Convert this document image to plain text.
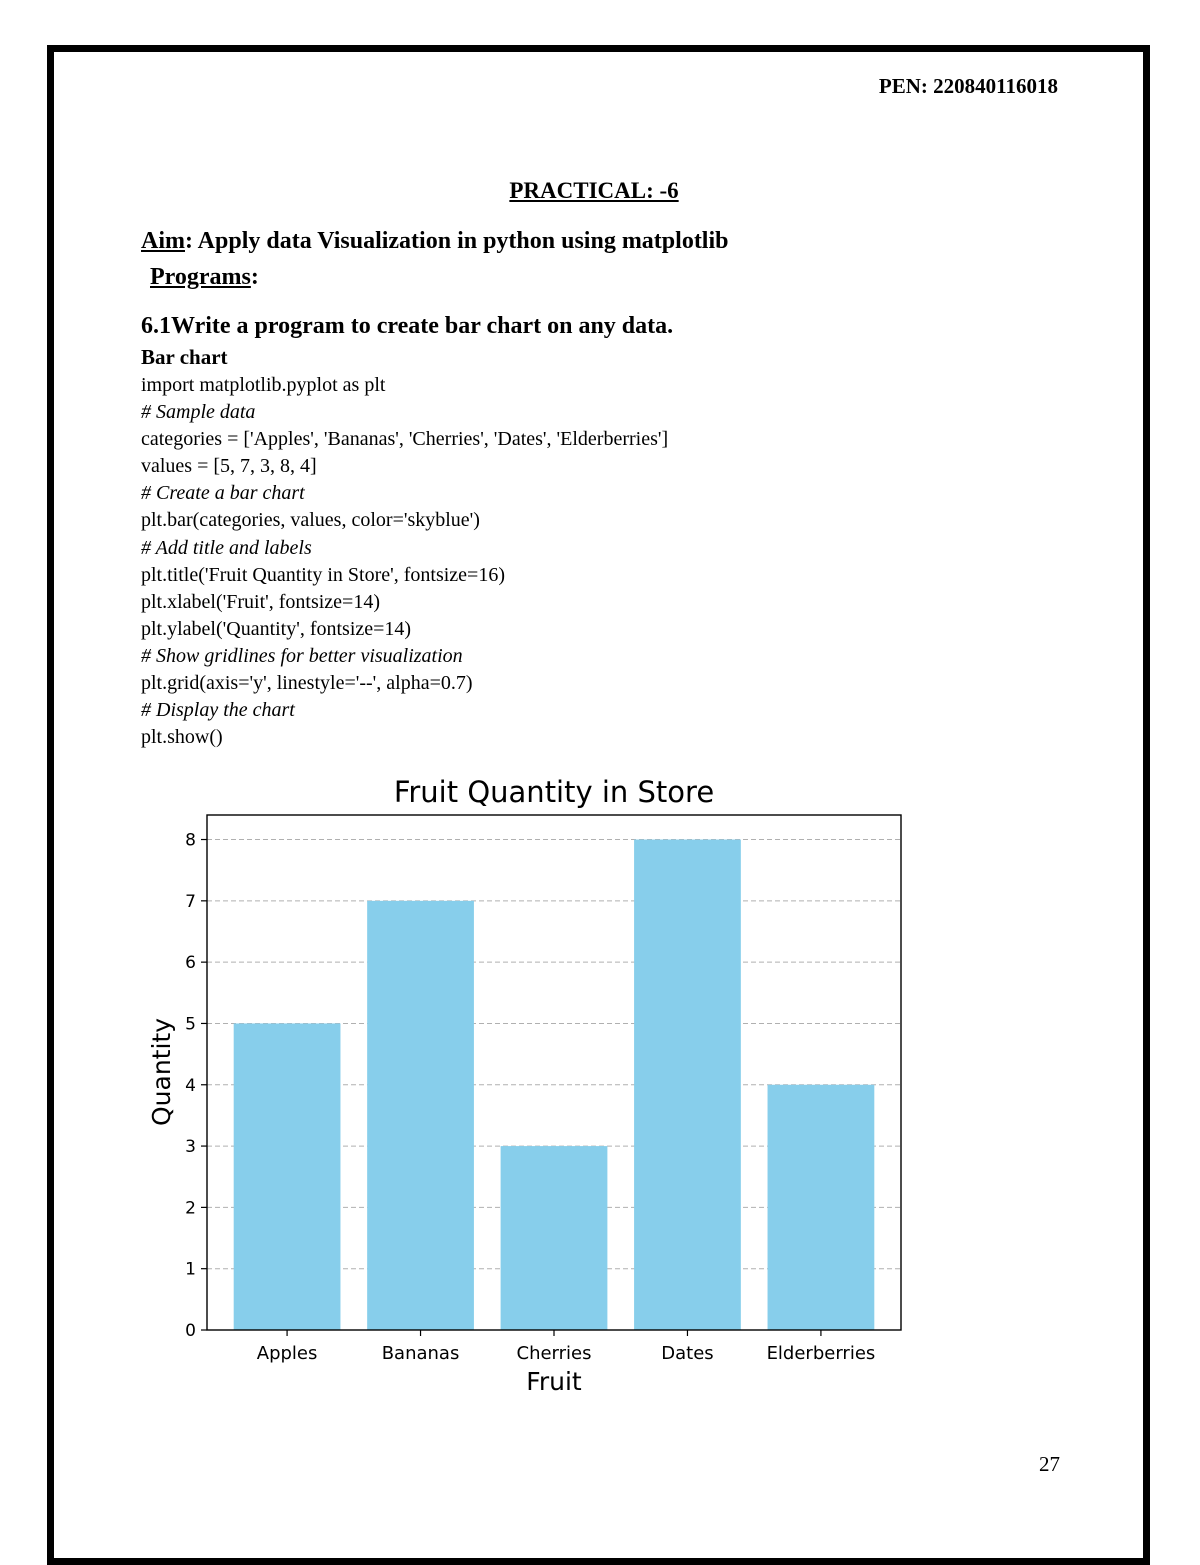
PEN: 220840116018
PRACTICAL: -6
Aim: Apply data Visualization in python using matplotlib
Programs:
6.1Write a program to create bar chart on any data.
Bar chart
import matplotlib.pyplot as plt
# Sample data
categories = ['Apples', 'Bananas', 'Cherries', 'Dates', 'Elderberries']
values = [5, 7, 3, 8, 4]
# Create a bar chart
plt.bar(categories, values, color='skyblue')
# Add title and labels
plt.title('Fruit Quantity in Store', fontsize=16)
plt.xlabel('Fruit', fontsize=14)
plt.ylabel('Quantity', fontsize=14)
# Show gridlines for better visualization
plt.grid(axis='y', linestyle='--', alpha=0.7)
# Display the chart
plt.show()
0
1
2
3
4
5
6
7
8
Apples	Bananas	Cherries	Dates	Elderberries
Fruit Quantity in Store
Fruit
Quantity
27
